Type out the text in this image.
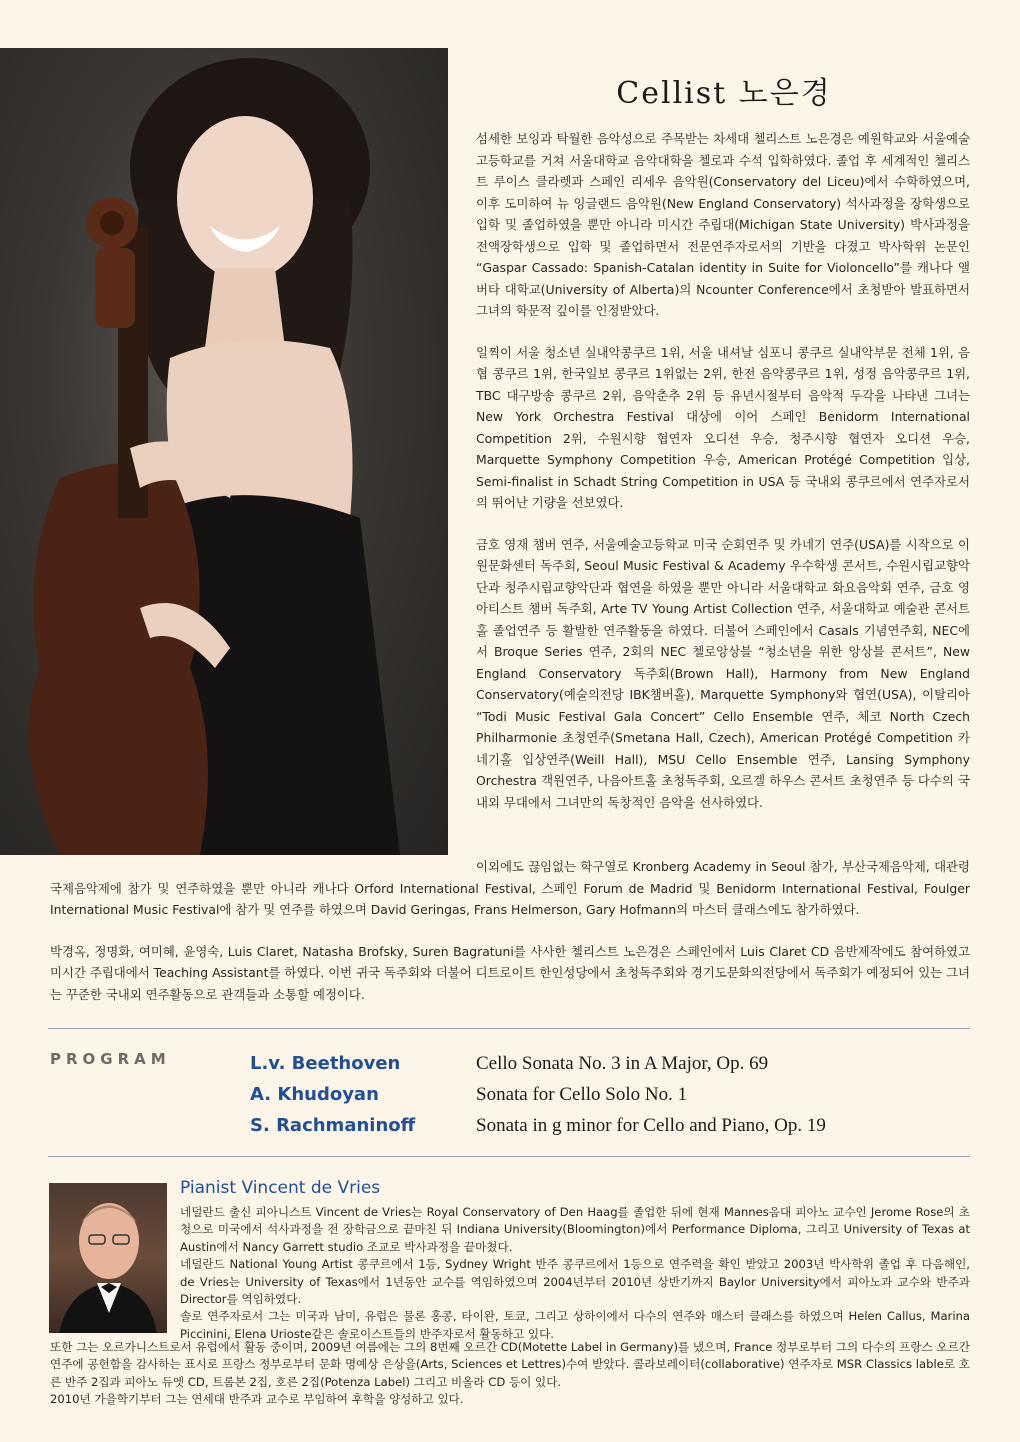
Cellist 노은경

섬세한 보잉과 탁월한 음악성으로 주목받는 차세대 첼리스트 노은경은 예원학교와 서울예술고등학교를 거쳐 서울대학교 음악대학을 첼로과 수석 입학하였다. 졸업 후 세계적인 첼리스트 루이스 클라렛과 스페인 리세우 음악원(Conservatory del Liceu)에서 수학하였으며, 이후 도미하여 뉴 잉글랜드 음악원(New England Conservatory) 석사과정을 장학생으로 입학 및 졸업하였을 뿐만 아니라 미시간 주립대(Michigan State University) 박사과정을 전액장학생으로 입학 및 졸업하면서 전문연주자로서의 기반을 다졌고 박사학위 논문인 “Gaspar Cassado: Spanish-Catalan identity in Suite for Violoncello”를 캐나다 앨버타 대학교(University of Alberta)의 Ncounter Conference에서 초청받아 발표하면서 그녀의 학문적 깊이를 인정받았다.

일찍이 서울 청소년 실내악콩쿠르 1위, 서울 내셔날 심포니 콩쿠르 실내악부문 전체 1위, 음협 콩쿠르 1위, 한국일보 콩쿠르 1위없는 2위, 한전 음악콩쿠르 1위, 성정 음악콩쿠르 1위, TBC 대구방송 콩쿠르 2위, 음악춘추 2위 등 유년시절부터 음악적 두각을 나타낸 그녀는 New York Orchestra Festival 대상에 이어 스페인 Benidorm International Competition 2위, 수원시향 협연자 오디션 우승, 청주시향 협연자 오디션 우승, Marquette Symphony Competition 우승, American Protégé Competition 입상, Semi-finalist in Schadt String Competition in USA 등 국내외 콩쿠르에서 연주자로서의 뛰어난 기량을 선보였다.

금호 영재 챔버 연주, 서울예술고등학교 미국 순회연주 및 카네기 연주(USA)를 시작으로 이원문화센터 독주회, Seoul Music Festival & Academy 우수학생 콘서트, 수원시립교향악단과 청주시립교향악단과 협연을 하였을 뿐만 아니라 서울대학교 화요음악회 연주, 금호 영 아티스트 챔버 독주회, Arte TV Young Artist Collection 연주, 서울대학교 예술관 콘서트홀 졸업연주 등 활발한 연주활동을 하였다. 더불어 스페인에서 Casals 기념연주회, NEC에서 Broque Series 연주, 2회의 NEC 첼로앙상블 “청소년을 위한 앙상블 콘서트”, New England Conservatory 독주회(Brown Hall), Harmony from New England Conservatory(예술의전당 IBK챔버홀), Marquette Symphony와 협연(USA), 이탈리아 “Todi Music Festival Gala Concert” Cello Ensemble 연주, 체코 North Czech Philharmonie 초청연주(Smetana Hall, Czech), American Protégé Competition 카네기홀 입상연주(Weill Hall), MSU Cello Ensemble 연주, Lansing Symphony Orchestra 객원연주, 나음아트홀 초청독주회, 오르겔 하우스 콘서트 초청연주 등 다수의 국내외 무대에서 그녀만의 독창적인 음악을 선사하였다.

이외에도 끊임없는 학구열로 Kronberg Academy in Seoul 참가, 부산국제음악제, 대관령국제음악제에 참가 및 연주하였을 뿐만 아니라 캐나다 Orford International Festival, 스페인 Forum de Madrid 및 Benidorm International Festival, Foulger International Music Festival에 참가 및 연주를 하였으며 David Geringas, Frans Helmerson, Gary Hofmann의 마스터 클래스에도 참가하였다.

박경옥, 정명화, 여미혜, 윤영숙, Luis Claret, Natasha Brofsky, Suren Bagratuni를 사사한 첼리스트 노은경은 스페인에서 Luis Claret CD 음반제작에도 참여하였고 미시간 주립대에서 Teaching Assistant를 하였다. 이번 귀국 독주회와 더불어 디트로이트 한인성당에서 초청독주회와 경기도문화의전당에서 독주회가 예정되어 있는 그녀는 꾸준한 국내외 연주활동으로 관객들과 소통할 예정이다.

PROGRAM	L.v. Beethoven	Cello Sonata No. 3 in A Major, Op. 69
A. Khudoyan	Sonata for Cello Solo No. 1
S. Rachmaninoff	Sonata in g minor for Cello and Piano, Op. 19
Pianist Vincent de Vries

네덜란드 출신 피아니스트 Vincent de Vries는 Royal Conservatory of Den Haag를 졸업한 뒤에 현재 Mannes음대 피아노 교수인 Jerome Rose의 초청으로 미국에서 석사과정을 전 장학금으로 끝마친 뒤 Indiana University(Bloomington)에서 Performance Diploma, 그리고 University of Texas at Austin에서 Nancy Garrett studio 조교로 박사과정을 끝마쳤다.

네덜란드 National Young Artist 콩쿠르에서 1등, Sydney Wright 반주 콩쿠르에서 1등으로 연주력을 확인 받았고 2003년 박사학위 졸업 후 다음해인, de Vries는 University of Texas에서 1년동안 교수를 역임하였으며 2004년부터 2010년 상반기까지 Baylor University에서 피아노과 교수와 반주과 Director를 역임하였다.

솔로 연주자로서 그는 미국과 남미, 유럽은 물론 홍콩, 타이완, 토쿄, 그리고 상하이에서 다수의 연주와 매스터 클래스를 하였으며 Helen Callus, Marina Piccinini, Elena Urioste같은 솔로이스트들의 반주자로서 활동하고 있다.

또한 그는 오르가니스트로서 유럽에서 활동 중이며, 2009년 여름에는 그의 8번째 오르간 CD(Motette Label in Germany)를 냈으며, France 정부로부터 그의 다수의 프랑스 오르간 연주에 공헌함을 감사하는 표시로 프랑스 정부로부터 문화 명예상 은상을(Arts, Sciences et Lettres)수여 받았다. 콜라보레이터(collaborative) 연주자로 MSR Classics lable로 호른 반주 2집과 피아노 듀엣 CD, 트롬본 2집, 호른 2집(Potenza Label) 그리고 비올라 CD 등이 있다.

2010년 가을학기부터 그는 연세대 반주과 교수로 부임하여 후학을 양성하고 있다.
